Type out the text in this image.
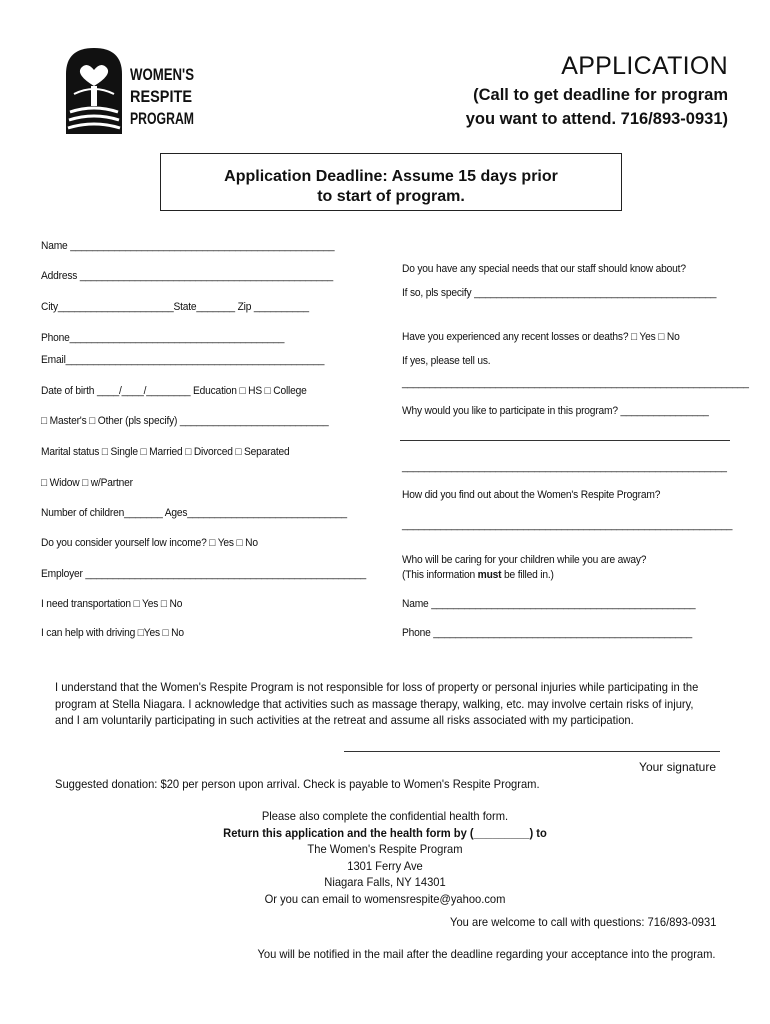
WOMEN'S
RESPITE
PROGRAM
APPLICATION
(Call to get deadline for program
you want to attend. 716/893-0931)
Application Deadline: Assume 15 days prior
to start of program.
Name ________________________________________________
Address ______________________________________________
City_____________________State_______ Zip __________
Phone_______________________________________
Email_______________________________________________
Date of birth ____/____/________ Education □ HS □ College
□ Master's □ Other (pls specify) ___________________________
Marital status □ Single □ Married □ Divorced □ Separated
□ Widow □ w/Partner
Number of children_______ Ages_____________________________
Do you consider yourself low income? □ Yes □ No
Employer ___________________________________________________
I need transportation □ Yes □ No
I can help with driving □Yes □ No
Do you have any special needs that our staff should know about?
If so, pls specify ____________________________________________
Have you experienced any recent losses or deaths? □ Yes □ No
If yes, please tell us.
_______________________________________________________________
Why would you like to participate in this program? ________________
___________________________________________________________
How did you find out about the Women's Respite Program?
____________________________________________________________
Who will be caring for your children while you are away?
(This information must be filled in.)
Name ________________________________________________
Phone _______________________________________________
I understand that the Women's Respite Program is not responsible for loss of property or personal injuries while participating in the
program at Stella Niagara. I acknowledge that activities such as massage therapy, walking, etc. may involve certain risks of injury,
and I am voluntarily participating in such activities at the retreat and assume all risks associated with my participation.
Your signature
Suggested donation: $20 per person upon arrival. Check is payable to Women's Respite Program.
Please also complete the confidential health form.
Return this application and the health form by (_________) to
The Women's Respite Program
1301 Ferry Ave
Niagara Falls, NY 14301
Or you can email to womensrespite@yahoo.com
You are welcome to call with questions: 716/893-0931
You will be notified in the mail after the deadline regarding your acceptance into the program.
